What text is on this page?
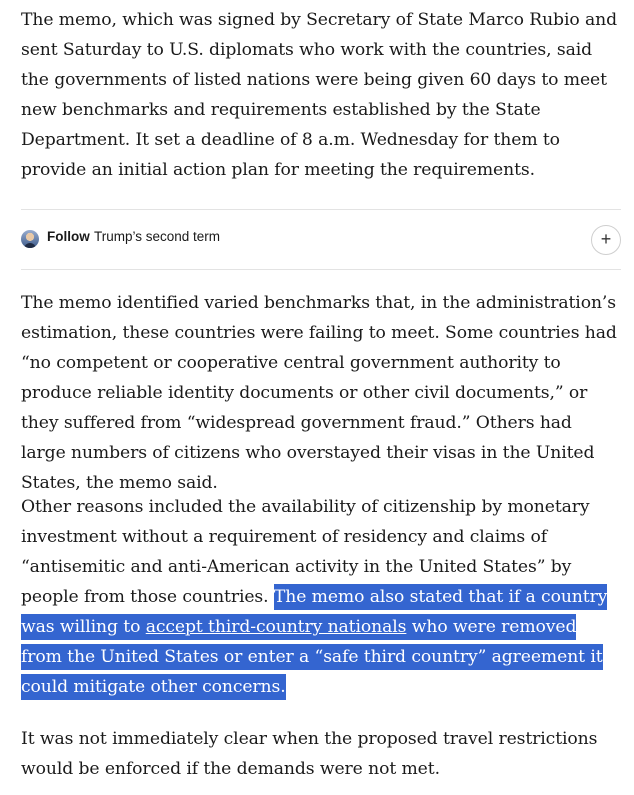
The memo, which was signed by Secretary of State Marco Rubio and sent Saturday to U.S. diplomats who work with the countries, said the governments of listed nations were being given 60 days to meet new benchmarks and requirements established by the State Department. It set a deadline of 8 a.m. Wednesday for them to provide an initial action plan for meeting the requirements.

Follow Trump’s second term	+

The memo identified varied benchmarks that, in the administration’s estimation, these countries were failing to meet. Some countries had “no competent or cooperative central government authority to produce reliable identity documents or other civil documents,” or they suffered from “widespread government fraud.” Others had large numbers of citizens who overstayed their visas in the United States, the memo said.

Other reasons included the availability of citizenship by monetary investment without a requirement of residency and claims of “antisemitic and anti-American activity in the United States” by people from those countries. The memo also stated that if a country was willing to accept third-country nationals who were removed from the United States or enter a “safe third country” agreement it could mitigate other concerns.

It was not immediately clear when the proposed travel restrictions would be enforced if the demands were not met.
